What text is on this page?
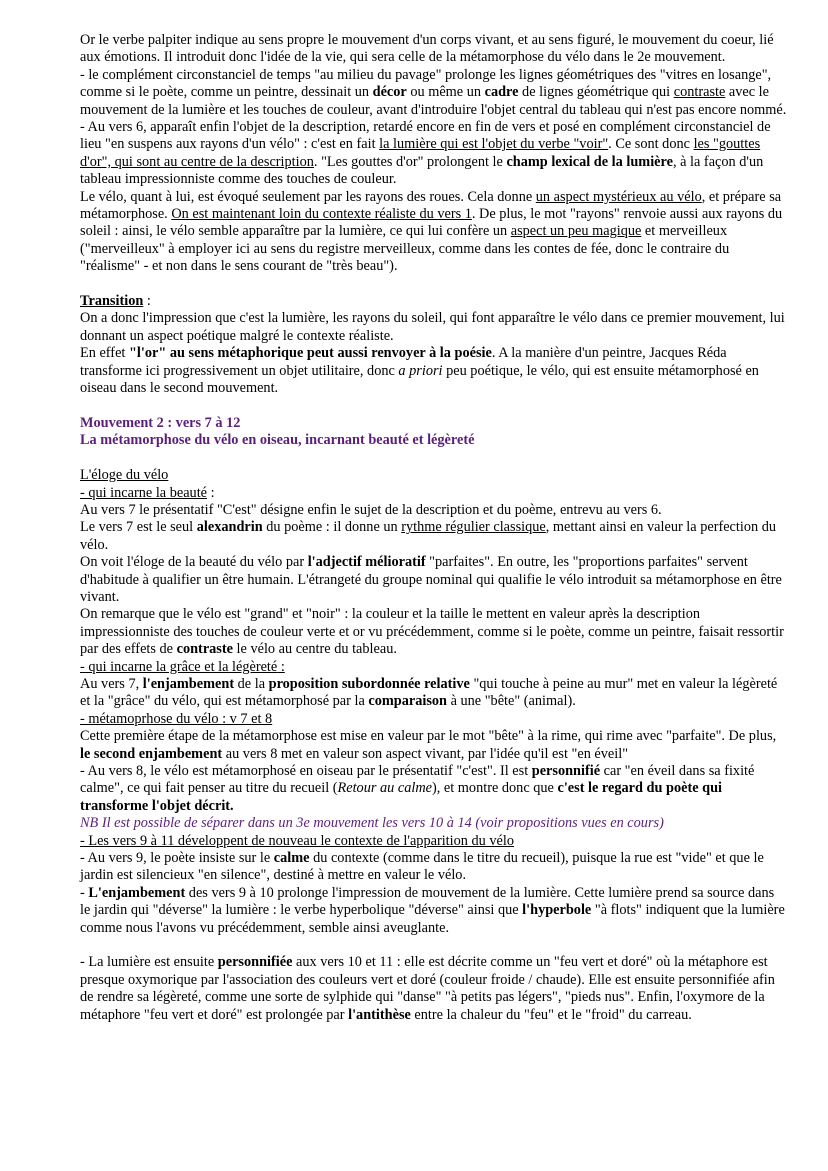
Or le verbe palpiter indique au sens propre le mouvement d'un corps vivant, et au sens figuré, le mouvement du coeur, lié aux émotions. Il introduit donc l'idée de la vie, qui sera celle de la métamorphose du vélo dans le 2e mouvement.

- le complément circonstanciel de temps "au milieu du pavage" prolonge les lignes géométriques des "vitres en losange", comme si le poète, comme un peintre, dessinait un décor ou même un cadre de lignes géométrique qui contraste avec le mouvement de la lumière et les touches de couleur, avant d'introduire l'objet central du tableau qui n'est pas encore nommé.

- Au vers 6, apparaît enfin l'objet de la description, retardé encore en fin de vers et posé en complément circonstanciel de lieu "en suspens aux rayons d'un vélo" : c'est en fait la lumière qui est l'objet du verbe "voir". Ce sont donc les "gouttes d'or", qui sont au centre de la description. "Les gouttes d'or" prolongent le champ lexical de la lumière, à la façon d'un tableau impressionniste comme des touches de couleur.

Le vélo, quant à lui, est évoqué seulement par les rayons des roues. Cela donne un aspect mystérieux au vélo, et prépare sa métamorphose. On est maintenant loin du contexte réaliste du vers 1. De plus, le mot "rayons" renvoie aussi aux rayons du soleil : ainsi, le vélo semble apparaître par la lumière, ce qui lui confère un aspect un peu magique et merveilleux ("merveilleux" à employer ici au sens du registre merveilleux, comme dans les contes de fée, donc le contraire du "réalisme" - et non dans le sens courant de "très beau").

Transition :

On a donc l'impression que c'est la lumière, les rayons du soleil, qui font apparaître le vélo dans ce premier mouvement, lui donnant un aspect poétique malgré le contexte réaliste.

En effet "l'or" au sens métaphorique peut aussi renvoyer à la poésie. A la manière d'un peintre, Jacques Réda transforme ici progressivement un objet utilitaire, donc a priori peu poétique, le vélo, qui est ensuite métamorphosé en oiseau dans le second mouvement.

Mouvement 2 : vers 7 à 12

La métamorphose du vélo en oiseau, incarnant beauté et légèreté

L'éloge du vélo

- qui incarne la beauté :

Au vers 7 le présentatif "C'est" désigne enfin le sujet de la description et du poème, entrevu au vers 6.

Le vers 7 est le seul alexandrin du poème : il donne un rythme régulier classique, mettant ainsi en valeur la perfection du vélo.

On voit l'éloge de la beauté du vélo par l'adjectif mélioratif "parfaites". En outre, les "proportions parfaites" servent d'habitude à qualifier un être humain. L'étrangeté du groupe nominal qui qualifie le vélo introduit sa métamorphose en être vivant.

On remarque que le vélo est "grand" et "noir" : la couleur et la taille le mettent en valeur après la description impressionniste des touches de couleur verte et or vu précédemment, comme si le poète, comme un peintre, faisait ressortir par des effets de contraste le vélo au centre du tableau.

- qui incarne la grâce et la légèreté :

Au vers 7, l'enjambement de la proposition subordonnée relative "qui touche à peine au mur" met en valeur la légèreté et la "grâce" du vélo, qui est métamorphosé par la comparaison à une "bête" (animal).

- métamoprhose du vélo : v 7 et 8

Cette première étape de la métamorphose est mise en valeur par le mot "bête" à la rime, qui rime avec "parfaite". De plus, le second enjambement au vers 8 met en valeur son aspect vivant, par l'idée qu'il est "en éveil"

- Au vers 8, le vélo est métamorphosé en oiseau par le présentatif "c'est". Il est personnifié car "en éveil dans sa fixité calme", ce qui fait penser au titre du recueil (Retour au calme), et montre donc que c'est le regard du poète qui transforme l'objet décrit.

NB Il est possible de séparer dans un 3e mouvement les vers 10 à 14 (voir propositions vues en cours)

- Les vers 9 à 11 développent de nouveau le contexte de l'apparition du vélo

- Au vers 9, le poète insiste sur le calme du contexte (comme dans le titre du recueil), puisque la rue est "vide" et que le jardin est silencieux "en silence", destiné à mettre en valeur le vélo.

- L'enjambement des vers 9 à 10 prolonge l'impression de mouvement de la lumière. Cette lumière prend sa source dans le jardin qui "déverse" la lumière : le verbe hyperbolique "déverse" ainsi que l'hyperbole "à flots" indiquent que la lumière comme nous l'avons vu précédemment, semble ainsi aveuglante.

- La lumière est ensuite personnifiée aux vers 10 et 11 : elle est décrite comme un "feu vert et doré" où la métaphore est presque oxymorique par l'association des couleurs vert et doré (couleur froide / chaude). Elle est ensuite personnifiée afin de rendre sa légèreté, comme une sorte de sylphide qui "danse" "à petits pas légers", "pieds nus". Enfin, l'oxymore de la métaphore "feu vert et doré" est prolongée par l'antithèse entre la chaleur du "feu" et le "froid" du carreau.
